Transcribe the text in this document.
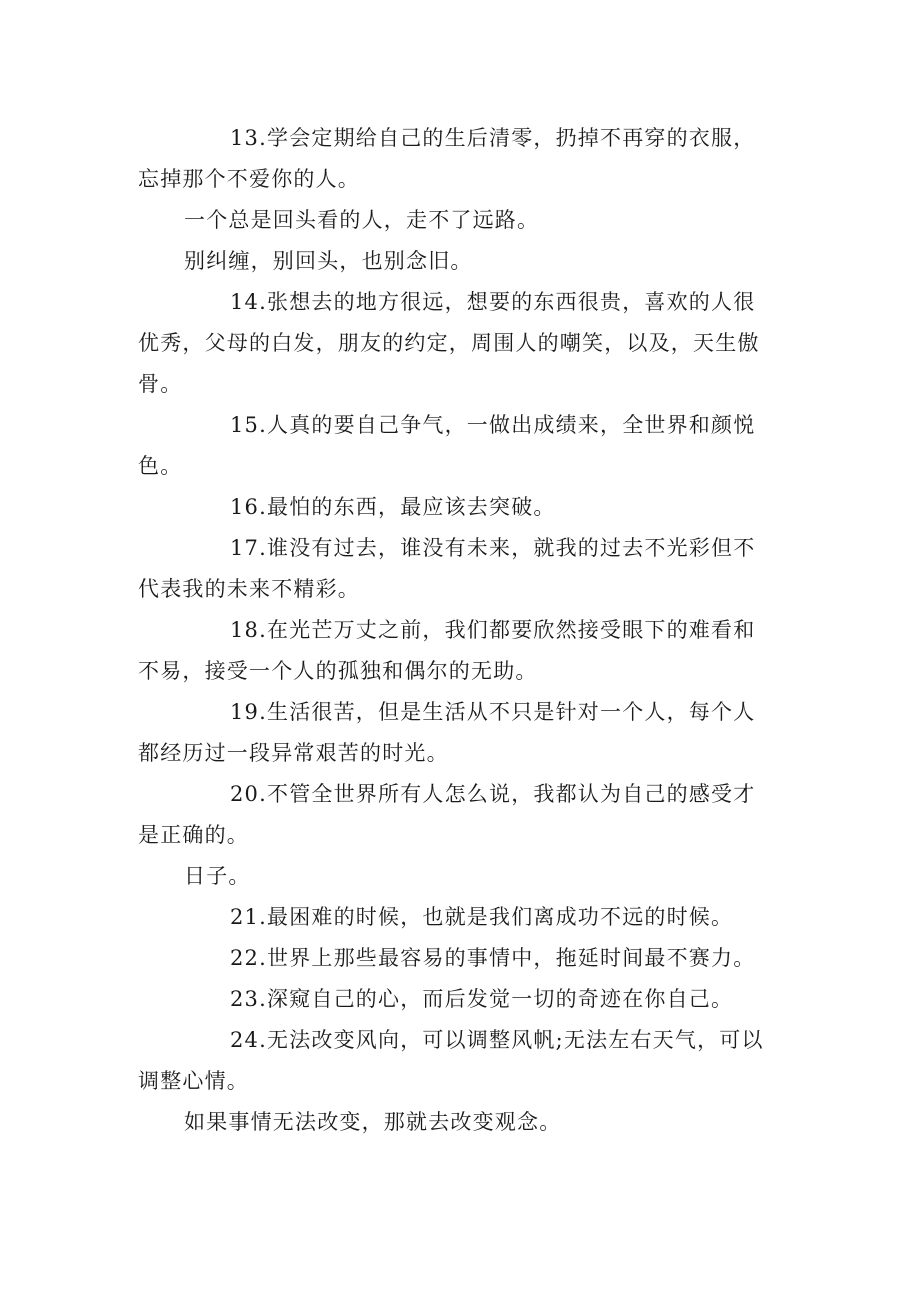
13.学会定期给自己的生后清零，扔掉不再穿的衣服，忘掉那个不爱你的人。

一个总是回头看的人，走不了远路。

别纠缠，别回头，也别念旧。

14.张想去的地方很远，想要的东西很贵，喜欢的人很优秀，父母的白发，朋友的约定，周围人的嘲笑，以及，天生傲骨。

15.人真的要自己争气，一做出成绩来，全世界和颜悦色。

16.最怕的东西，最应该去突破。

17.谁没有过去，谁没有未来，就我的过去不光彩但不代表我的未来不精彩。

18.在光芒万丈之前，我们都要欣然接受眼下的难看和不易，接受一个人的孤独和偶尔的无助。

19.生活很苦，但是生活从不只是针对一个人，每个人都经历过一段异常艰苦的时光。

20.不管全世界所有人怎么说，我都认为自己的感受才是正确的。

日子。

21.最困难的时候，也就是我们离成功不远的时候。

22.世界上那些最容易的事情中，拖延时间最不赛力。

23.深窥自己的心，而后发觉一切的奇迹在你自己。

24.无法改变风向，可以调整风帆;无法左右天气，可以调整心情。

如果事情无法改变，那就去改变观念。
